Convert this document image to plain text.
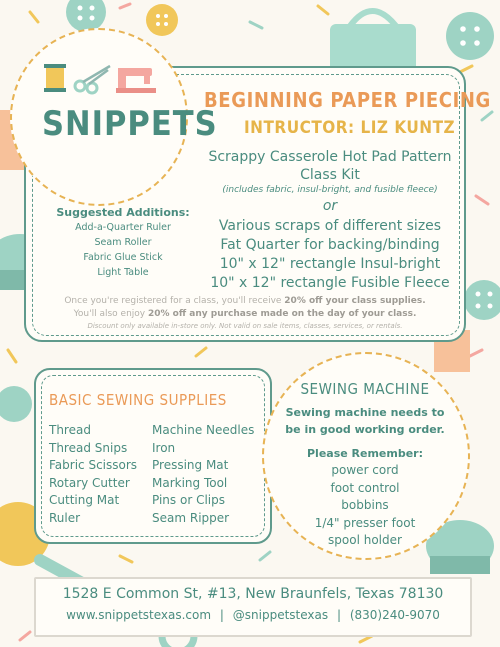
SNIPPETS
BEGINNING PAPER PIECING
INTRUCTOR: LIZ KUNTZ
Scrappy Casserole Hot Pad Pattern
Class Kit
(includes fabric, insul-bright, and fusible fleece)
or
Various scraps of different sizes
Fat Quarter for backing/binding
10" x 12" rectangle Insul-bright
10" x 12" rectangle Fusible Fleece
Suggested Additions:
Add-a-Quarter Ruler
Seam Roller
Fabric Glue Stick
Light Table
Once you're registered for a class, you'll receive 20% off your class supplies.
You'll also enjoy 20% off any purchase made on the day of your class.
Discount only available in-store only. Not valid on sale items, classes, services, or rentals.
BASIC SEWING SUPPLIES
Thread
Thread Snips
Fabric Scissors
Rotary Cutter
Cutting Mat
Ruler
Machine Needles
Iron
Pressing Mat
Marking Tool
Pins or Clips
Seam Ripper
SEWING MACHINE
Sewing machine needs to
be in good working order.
Please Remember:
power cord
foot control
bobbins
1/4" presser foot
spool holder
1528 E Common St, #13, New Braunfels, Texas 78130
www.snippetstexas.com | @snippetstexas | (830)240-9070
